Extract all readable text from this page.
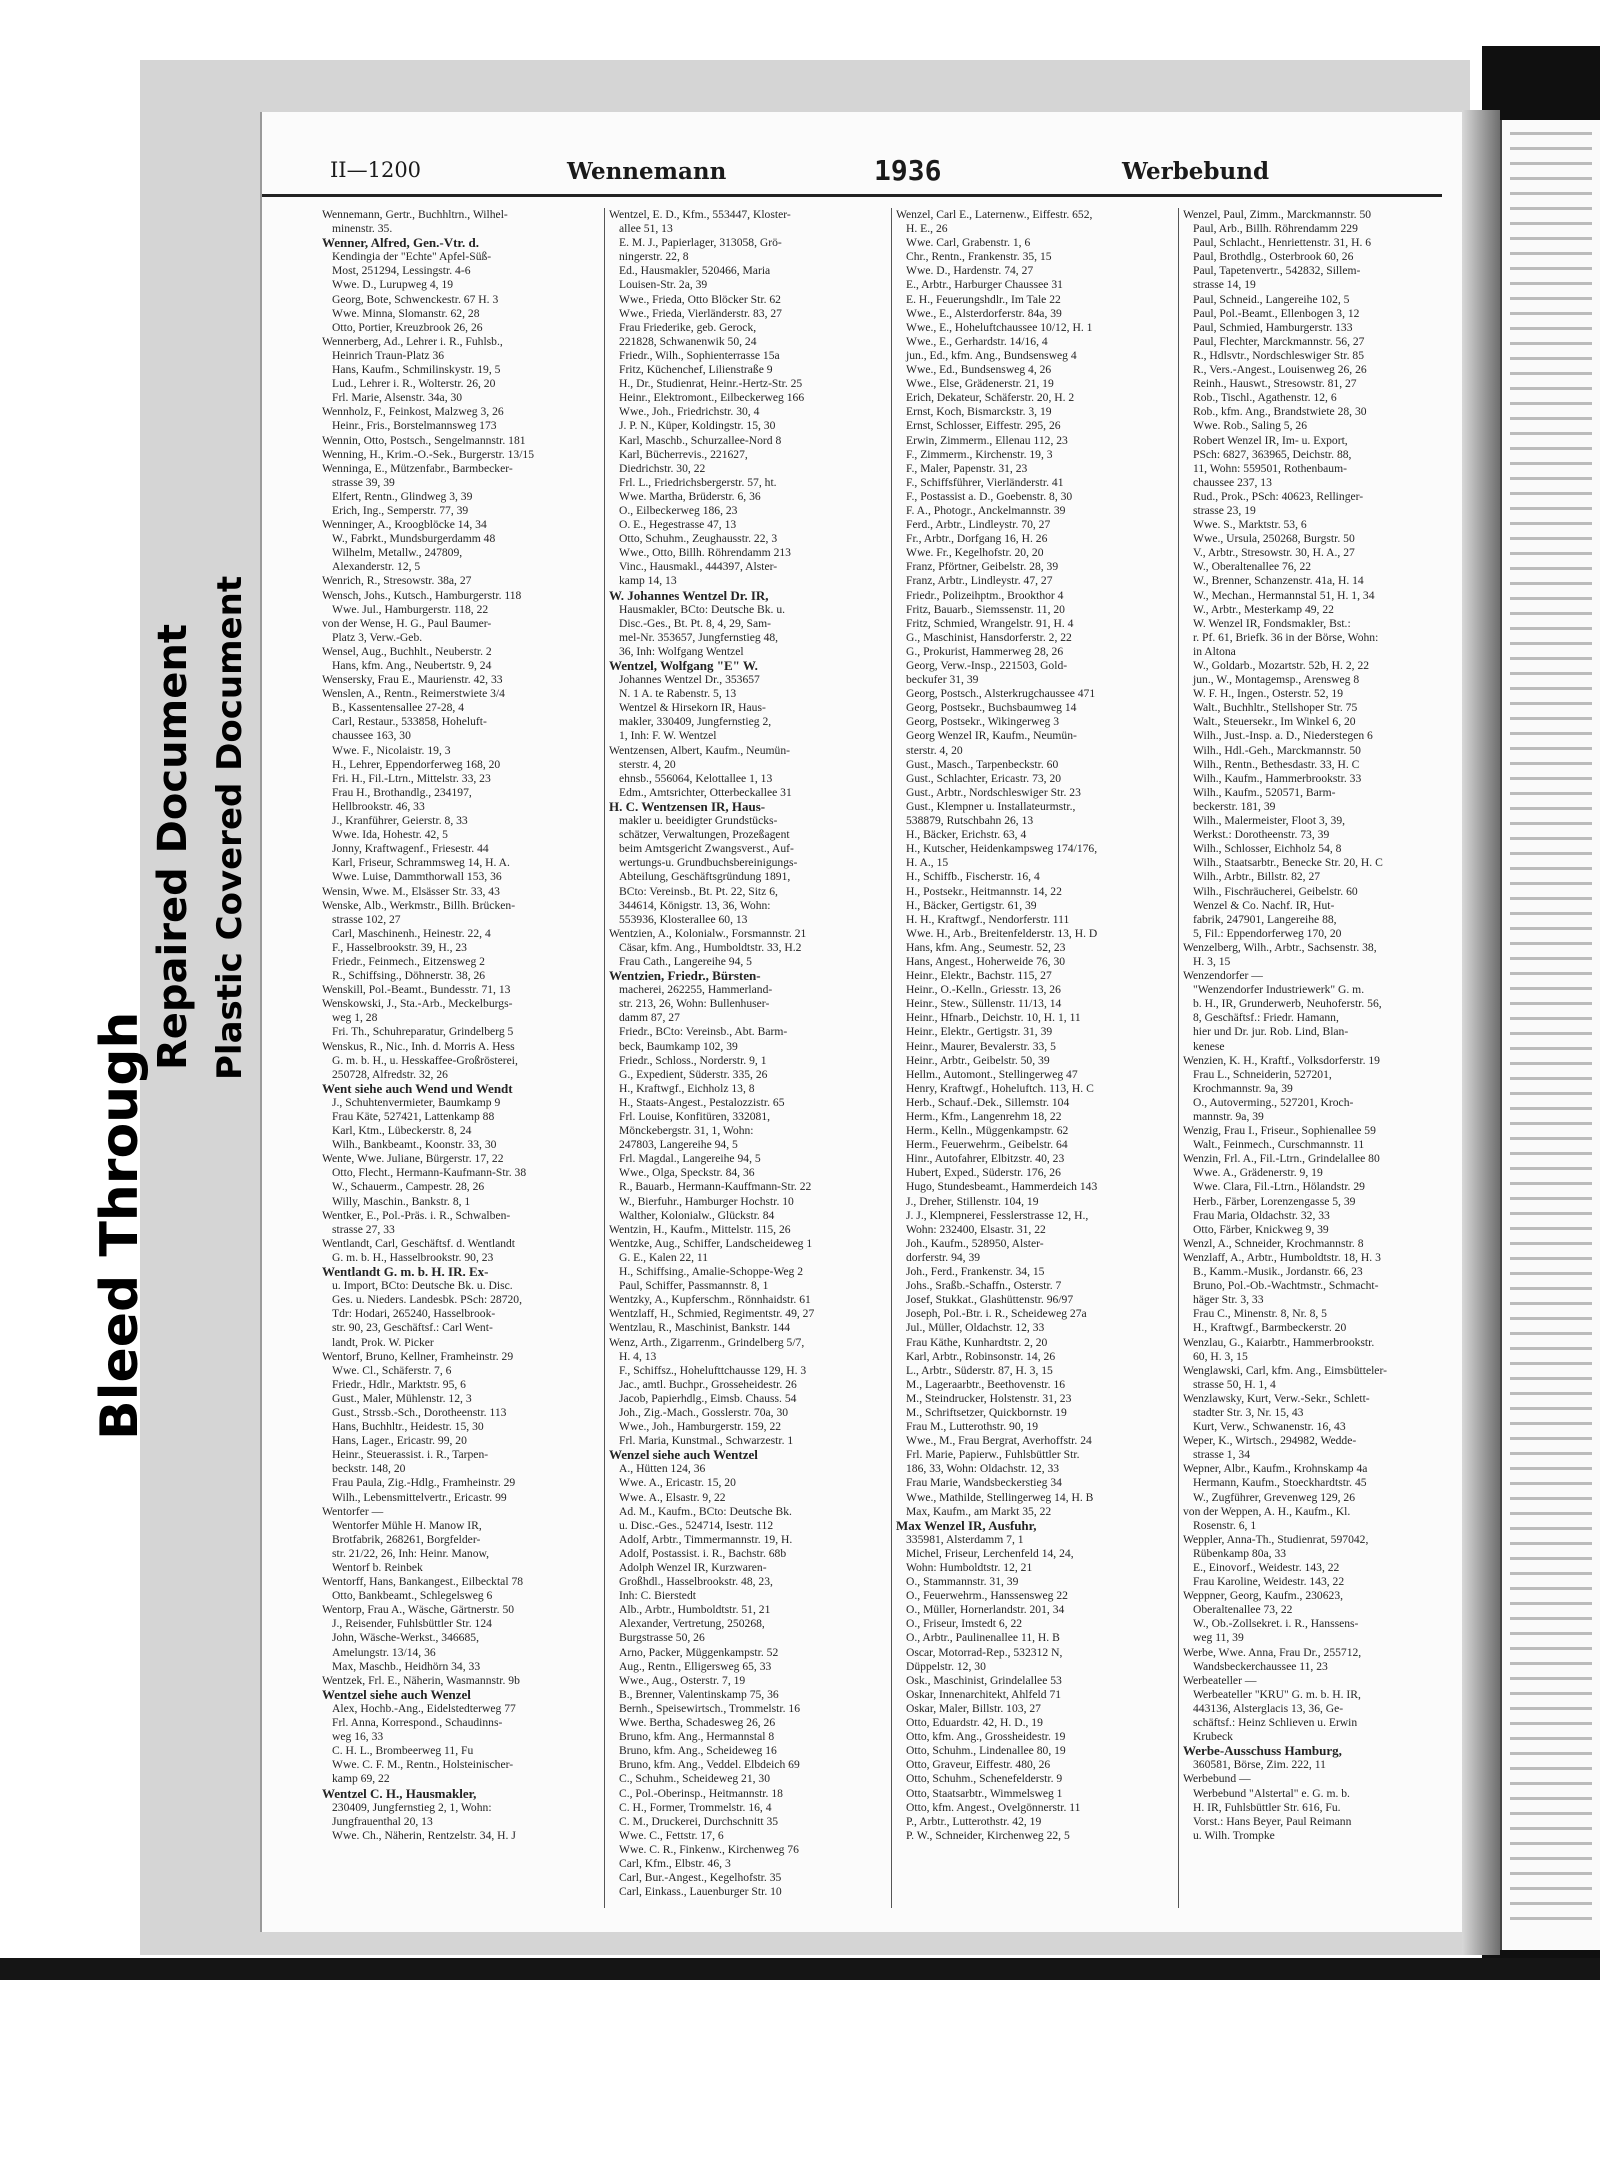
Bleed Through
Repaired Document Plastic Covered Document
II—1200	Wennemann	1936	Werbebund
Wennemann, Gertr., Buchhltrn., Wilhel-
minenstr. 35.
Wenner, Alfred, Gen.-Vtr. d.
Kendingia der "Echte" Apfel-Süß-
Most, 251294, Lessingstr. 4-6
Wwe. D., Lurupweg 4, 19
Georg, Bote, Schwenckestr. 67 H. 3
Wwe. Minna, Slomanstr. 62, 28
Otto, Portier, Kreuzbrook 26, 26
Wennerberg, Ad., Lehrer i. R., Fuhlsb.,
Heinrich Traun-Platz 36
Hans, Kaufm., Schmilinskystr. 19, 5
Lud., Lehrer i. R., Wolterstr. 26, 20
Frl. Marie, Alsenstr. 34a, 30
Wennholz, F., Feinkost, Malzweg 3, 26
Heinr., Fris., Borstelmannsweg 173
Wennin, Otto, Postsch., Sengelmannstr. 181
Wenning, H., Krim.-O.-Sek., Burgerstr. 13/15
Wenninga, E., Mützenfabr., Barmbecker-
strasse 39, 39
Elfert, Rentn., Glindweg 3, 39
Erich, Ing., Semperstr. 77, 39
Wenninger, A., Kroogblöcke 14, 34
W., Fabrkt., Mundsburgerdamm 48
Wilhelm, Metallw., 247809,
Alexanderstr. 12, 5
Wenrich, R., Stresowstr. 38a, 27
Wensch, Johs., Kutsch., Hamburgerstr. 118
Wwe. Jul., Hamburgerstr. 118, 22
von der Wense, H. G., Paul Baumer-
Platz 3, Verw.-Geb.
Wensel, Aug., Buchhlt., Neuberstr. 2
Hans, kfm. Ang., Neubertstr. 9, 24
Wensersky, Frau E., Maurienstr. 42, 33
Wenslen, A., Rentn., Reimerstwiete 3/4
B., Kassentensallee 27-28, 4
Carl, Restaur., 533858, Hoheluft-
chaussee 163, 30
Wwe. F., Nicolaistr. 19, 3
H., Lehrer, Eppendorferweg 168, 20
Fri. H., Fil.-Ltrn., Mittelstr. 33, 23
Frau H., Brothandlg., 234197,
Hellbrookstr. 46, 33
J., Kranführer, Geierstr. 8, 33
Wwe. Ida, Hohestr. 42, 5
Jonny, Kraftwagenf., Friesestr. 44
Karl, Friseur, Schrammsweg 14, H. A.
Wwe. Luise, Dammthorwall 153, 36
Wensin, Wwe. M., Elsässer Str. 33, 43
Wenske, Alb., Werkmstr., Billh. Brücken-
strasse 102, 27
Carl, Maschinenh., Heinestr. 22, 4
F., Hasselbrookstr. 39, H., 23
Friedr., Feinmech., Eitzensweg 2
R., Schiffsing., Döhnerstr. 38, 26
Wenskill, Pol.-Beamt., Bundesstr. 71, 13
Wenskowski, J., Sta.-Arb., Meckelburgs-
weg 1, 28
Fri. Th., Schuhreparatur, Grindelberg 5
Wenskus, R., Nic., Inh. d. Morris A. Hess
G. m. b. H., u. Hesskaffee-Großrösterei,
250728, Alfredstr. 32, 26
Went siehe auch Wend und Wendt
J., Schuhtenvermieter, Baumkamp 9
Frau Käte, 527421, Lattenkamp 88
Karl, Ktm., Lübeckerstr. 8, 24
Wilh., Bankbeamt., Koonstr. 33, 30
Wente, Wwe. Juliane, Bürgerstr. 17, 22
Otto, Flecht., Hermann-Kaufmann-Str. 38
W., Schauerm., Campestr. 28, 26
Willy, Maschin., Bankstr. 8, 1
Wentker, E., Pol.-Präs. i. R., Schwalben-
strasse 27, 33
Wentlandt, Carl, Geschäftsf. d. Wentlandt
G. m. b. H., Hasselbrookstr. 90, 23
Wentlandt G. m. b. H. IR. Ex-
u. Import, BCto: Deutsche Bk. u. Disc.
Ges. u. Nieders. Landesbk. PSch: 28720,
Tdr: Hodari, 265240, Hasselbrook-
str. 90, 23, Geschäftsf.: Carl Went-
landt, Prok. W. Picker
Wentorf, Bruno, Kellner, Framheinstr. 29
Wwe. Cl., Schäferstr. 7, 6
Friedr., Hdlr., Marktstr. 95, 6
Gust., Maler, Mühlenstr. 12, 3
Gust., Strssb.-Sch., Dorotheenstr. 113
Hans, Buchhltr., Heidestr. 15, 30
Hans, Lager., Ericastr. 99, 20
Heinr., Steuerassist. i. R., Tarpen-
beckstr. 148, 20
Frau Paula, Zig.-Hdlg., Framheinstr. 29
Wilh., Lebensmittelvertr., Ericastr. 99
Wentorfer —
Wentorfer Mühle H. Manow IR,
Brotfabrik, 268261, Borgfelder-
str. 21/22, 26, Inh: Heinr. Manow,
Wentorf b. Reinbek
Wentorff, Hans, Bankangest., Eilbecktal 78
Otto, Bankbeamt., Schlegelsweg 6
Wentorp, Frau A., Wäsche, Gärtnerstr. 50
J., Reisender, Fuhlsbüttler Str. 124
John, Wäsche-Werkst., 346685,
Amelungstr. 13/14, 36
Max, Maschb., Heidhörn 34, 33
Wentzek, Frl. E., Näherin, Wasmannstr. 9b
Wentzel siehe auch Wenzel
Alex, Hochb.-Ang., Eidelstedterweg 77
Frl. Anna, Korrespond., Schaudinns-
weg 16, 33
C. H. L., Brombeerweg 11, Fu
Wwe. C. F. M., Rentn., Holsteinischer-
kamp 69, 22
Wentzel C. H., Hausmakler,
230409, Jungfernstieg 2, 1, Wohn:
Jungfrauenthal 20, 13
Wwe. Ch., Näherin, Rentzelstr. 34, H. J
Wentzel, E. D., Kfm., 553447, Kloster-
allee 51, 13
E. M. J., Papierlager, 313058, Grö-
ningerstr. 22, 8
Ed., Hausmakler, 520466, Maria
Louisen-Str. 2a, 39
Wwe., Frieda, Otto Blöcker Str. 62
Wwe., Frieda, Vierländerstr. 83, 27
Frau Friederike, geb. Gerock,
221828, Schwanenwik 50, 24
Friedr., Wilh., Sophienterrasse 15a
Fritz, Küchenchef, Lilienstraße 9
H., Dr., Studienrat, Heinr.-Hertz-Str. 25
Heinr., Elektromont., Eilbeckerweg 166
Wwe., Joh., Friedrichstr. 30, 4
J. P. N., Küper, Koldingstr. 15, 30
Karl, Maschb., Schurzallee-Nord 8
Karl, Bücherrevis., 221627,
Diedrichstr. 30, 22
Frl. L., Friedrichsbergerstr. 57, ht.
Wwe. Martha, Brüderstr. 6, 36
O., Eilbeckerweg 186, 23
O. E., Hegestrasse 47, 13
Otto, Schuhm., Zeughausstr. 22, 3
Wwe., Otto, Billh. Röhrendamm 213
Vinc., Hausmakl., 444397, Alster-
kamp 14, 13
W. Johannes Wentzel Dr. IR,
Hausmakler, BCto: Deutsche Bk. u.
Disc.-Ges., Bt. Pt. 8, 4, 29, Sam-
mel-Nr. 353657, Jungfernstieg 48,
36, Inh: Wolfgang Wentzel
Wentzel, Wolfgang "E" W.
Johannes Wentzel Dr., 353657
N. 1 A. te Rabenstr. 5, 13
Wentzel & Hirsekorn IR, Haus-
makler, 330409, Jungfernstieg 2,
1, Inh: F. W. Wentzel
Wentzensen, Albert, Kaufm., Neumün-
sterstr. 4, 20
ehnsb., 556064, Kelottallee 1, 13
Edm., Amtsrichter, Otterbeckallee 31
H. C. Wentzensen IR, Haus-
makler u. beeidigter Grundstücks-
schätzer, Verwaltungen, Prozeßagent
beim Amtsgericht Zwangsverst., Auf-
wertungs-u. Grundbuchsbereinigungs-
Abteilung, Geschäftsgründung 1891,
BCto: Vereinsb., Bt. Pt. 22, Sitz 6,
344614, Königstr. 13, 36, Wohn:
553936, Klosterallee 60, 13
Wentzien, A., Kolonialw., Forsmannstr. 21
Cäsar, kfm. Ang., Humboldtstr. 33, H.2
Frau Cath., Langereihe 94, 5
Wentzien, Friedr., Bürsten-
macherei, 262255, Hammerland-
str. 213, 26, Wohn: Bullenhuser-
damm 87, 27
Friedr., BCto: Vereinsb., Abt. Barm-
beck, Baumkamp 102, 39
Friedr., Schloss., Norderstr. 9, 1
G., Expedient, Süderstr. 335, 26
H., Kraftwgf., Eichholz 13, 8
H., Staats-Angest., Pestalozzistr. 65
Frl. Louise, Konfitüren, 332081,
Mönckebergstr. 31, 1, Wohn:
247803, Langereihe 94, 5
Frl. Magdal., Langereihe 94, 5
Wwe., Olga, Speckstr. 84, 36
R., Bauarb., Hermann-Kauffmann-Str. 22
W., Bierfuhr., Hamburger Hochstr. 10
Walther, Kolonialw., Glückstr. 84
Wentzin, H., Kaufm., Mittelstr. 115, 26
Wentzke, Aug., Schiffer, Landscheideweg 1
G. E., Kalen 22, 11
H., Schiffsing., Amalie-Schoppe-Weg 2
Paul, Schiffer, Passmannstr. 8, 1
Wentzky, A., Kupferschm., Rönnhaidstr. 61
Wentzlaff, H., Schmied, Regimentstr. 49, 27
Wentzlau, R., Maschinist, Bankstr. 144
Wenz, Arth., Zigarrenm., Grindelberg 5/7,
H. 4, 13
F., Schiffsz., Hohelufttchausse 129, H. 3
Jac., amtl. Buchpr., Grosseheidestr. 26
Jacob, Papierhdlg., Eimsb. Chauss. 54
Joh., Zig.-Mach., Gosslerstr. 70a, 30
Wwe., Joh., Hamburgerstr. 159, 22
Frl. Maria, Kunstmal., Schwarzestr. 1
Wenzel siehe auch Wentzel
A., Hütten 124, 36
Wwe. A., Ericastr. 15, 20
Wwe. A., Elsastr. 9, 22
Ad. M., Kaufm., BCto: Deutsche Bk.
u. Disc.-Ges., 524714, Isestr. 112
Adolf, Arbtr., Timmermannstr. 19, H.
Adolf, Postassist. i. R., Bachstr. 68b
Adolph Wenzel IR, Kurzwaren-
Großhdl., Hasselbrookstr. 48, 23,
Inh: C. Bierstedt
Alb., Arbtr., Humboldtstr. 51, 21
Alexander, Vertretung, 250268,
Burgstrasse 50, 26
Arno, Packer, Müggenkampstr. 52
Aug., Rentn., Elligersweg 65, 33
Wwe., Aug., Osterstr. 7, 19
B., Brenner, Valentinskamp 75, 36
Bernh., Speisewirtsch., Trommelstr. 16
Wwe. Bertha, Schadesweg 26, 26
Bruno, kfm. Ang., Hermannstal 8
Bruno, kfm. Ang., Scheideweg 16
Bruno, kfm. Ang., Veddel. Elbdeich 69
C., Schuhm., Scheideweg 21, 30
C., Pol.-Oberinsp., Heitmannstr. 18
C. H., Former, Trommelstr. 16, 4
C. M., Druckerei, Durchschnitt 35
Wwe. C., Fettstr. 17, 6
Wwe. C. R., Finkenw., Kirchenweg 76
Carl, Kfm., Elbstr. 46, 3
Carl, Bur.-Angest., Kegelhofstr. 35
Carl, Einkass., Lauenburger Str. 10
Wenzel, Carl E., Laternenw., Eiffestr. 652,
H. E., 26
Wwe. Carl, Grabenstr. 1, 6
Chr., Rentn., Frankenstr. 35, 15
Wwe. D., Hardenstr. 74, 27
E., Arbtr., Harburger Chaussee 31
E. H., Feuerungshdlr., Im Tale 22
Wwe., E., Alsterdorferstr. 84a, 39
Wwe., E., Hoheluftchaussee 10/12, H. 1
Wwe., E., Gerhardstr. 14/16, 4
jun., Ed., kfm. Ang., Bundsensweg 4
Wwe., Ed., Bundsensweg 4, 26
Wwe., Else, Grädenerstr. 21, 19
Erich, Dekateur, Schäferstr. 20, H. 2
Ernst, Koch, Bismarckstr. 3, 19
Ernst, Schlosser, Eiffestr. 295, 26
Erwin, Zimmerm., Ellenau 112, 23
F., Zimmerm., Kirchenstr. 19, 3
F., Maler, Papenstr. 31, 23
F., Schiffsführer, Vierländerstr. 41
F., Postassist a. D., Goebenstr. 8, 30
F. A., Photogr., Anckelmannstr. 39
Ferd., Arbtr., Lindleystr. 70, 27
Fr., Arbtr., Dorfgang 16, H. 26
Wwe. Fr., Kegelhofstr. 20, 20
Franz, Pförtner, Geibelstr. 28, 39
Franz, Arbtr., Lindleystr. 47, 27
Friedr., Polizeihptm., Brookthor 4
Fritz, Bauarb., Siemssenstr. 11, 20
Fritz, Schmied, Wrangelstr. 91, H. 4
G., Maschinist, Hansdorferstr. 2, 22
G., Prokurist, Hammerweg 28, 26
Georg, Verw.-Insp., 221503, Gold-
beckufer 31, 39
Georg, Postsch., Alsterkrugchaussee 471
Georg, Postsekr., Buchsbaumweg 14
Georg, Postsekr., Wikingerweg 3
Georg Wenzel IR, Kaufm., Neumün-
sterstr. 4, 20
Gust., Masch., Tarpenbeckstr. 60
Gust., Schlachter, Ericastr. 73, 20
Gust., Arbtr., Nordschleswiger Str. 23
Gust., Klempner u. Installateurmstr.,
538879, Rutschbahn 26, 13
H., Bäcker, Erichstr. 63, 4
H., Kutscher, Heidenkampsweg 174/176,
H. A., 15
H., Schiffb., Fischerstr. 16, 4
H., Postsekr., Heitmannstr. 14, 22
H., Bäcker, Gertigstr. 61, 39
H. H., Kraftwgf., Nendorferstr. 111
Wwe. H., Arb., Breitenfelderstr. 13, H. D
Hans, kfm. Ang., Seumestr. 52, 23
Hans, Angest., Hoherweide 76, 30
Heinr., Elektr., Bachstr. 115, 27
Heinr., O.-Kelln., Griesstr. 13, 26
Heinr., Stew., Süllenstr. 11/13, 14
Heinr., Hfnarb., Deichstr. 10, H. 1, 11
Heinr., Elektr., Gertigstr. 31, 39
Heinr., Maurer, Bevalerstr. 33, 5
Heinr., Arbtr., Geibelstr. 50, 39
Hellm., Automont., Stellingerweg 47
Henry, Kraftwgf., Hoheluftch. 113, H. C
Herb., Schauf.-Dek., Sillemstr. 104
Herm., Kfm., Langenrehm 18, 22
Herm., Kelln., Müggenkampstr. 62
Herm., Feuerwehrm., Geibelstr. 64
Hinr., Autofahrer, Elbitzstr. 40, 23
Hubert, Exped., Süderstr. 176, 26
Hugo, Stundesbeamt., Hammerdeich 143
J., Dreher, Stillenstr. 104, 19
J. J., Klempnerei, Fesslerstrasse 12, H.,
Wohn: 232400, Elsastr. 31, 22
Joh., Kaufm., 528950, Alster-
dorferstr. 94, 39
Joh., Ferd., Frankenstr. 34, 15
Johs., Sraßb.-Schaffn., Osterstr. 7
Josef, Stukkat., Glashüttenstr. 96/97
Joseph, Pol.-Btr. i. R., Scheideweg 27a
Jul., Müller, Oldachstr. 12, 33
Frau Käthe, Kunhardtstr. 2, 20
Karl, Arbtr., Robinsonstr. 14, 26
L., Arbtr., Süderstr. 87, H. 3, 15
M., Lageraarbtr., Beethovenstr. 16
M., Steindrucker, Holstenstr. 31, 23
M., Schriftsetzer, Quickbornstr. 19
Frau M., Lutterothstr. 90, 19
Wwe., M., Frau Bergrat, Averhoffstr. 24
Frl. Marie, Papierw., Fuhlsbüttler Str.
186, 33, Wohn: Oldachstr. 12, 33
Frau Marie, Wandsbeckerstieg 34
Wwe., Mathilde, Stellingerweg 14, H. B
Max, Kaufm., am Markt 35, 22
Max Wenzel IR, Ausfuhr,
335981, Alsterdamm 7, 1
Michel, Friseur, Lerchenfeld 14, 24,
Wohn: Humboldtstr. 12, 21
O., Stammannstr. 31, 39
O., Feuerwehrm., Hanssensweg 22
O., Müller, Hornerlandstr. 201, 34
O., Friseur, Imstedt 6, 22
O., Arbtr., Paulinenallee 11, H. B
Oscar, Motorrad-Rep., 532312 N,
Düppelstr. 12, 30
Osk., Maschinist, Grindelallee 53
Oskar, Innenarchitekt, Ahlfeld 71
Oskar, Maler, Billstr. 103, 27
Otto, Eduardstr. 42, H. D., 19
Otto, kfm. Ang., Grossheidestr. 19
Otto, Schuhm., Lindenallee 80, 19
Otto, Graveur, Eiffestr. 480, 26
Otto, Schuhm., Schenefelderstr. 9
Otto, Staatsarbtr., Wimmelsweg 1
Otto, kfm. Angest., Ovelgönnerstr. 11
P., Arbtr., Lutterothstr. 42, 19
P. W., Schneider, Kirchenweg 22, 5
Wenzel, Paul, Zimm., Marckmannstr. 50
Paul, Arb., Billh. Röhrendamm 229
Paul, Schlacht., Henriettenstr. 31, H. 6
Paul, Brothdlg., Osterbrook 60, 26
Paul, Tapetenvertr., 542832, Sillem-
strasse 14, 19
Paul, Schneid., Langereihe 102, 5
Paul, Pol.-Beamt., Ellenbogen 3, 12
Paul, Schmied, Hamburgerstr. 133
Paul, Flechter, Marckmannstr. 56, 27
R., Hdlsvtr., Nordschleswiger Str. 85
R., Vers.-Angest., Louisenweg 26, 26
Reinh., Hauswt., Stresowstr. 81, 27
Rob., Tischl., Agathenstr. 12, 6
Rob., kfm. Ang., Brandstwiete 28, 30
Wwe. Rob., Saling 5, 26
Robert Wenzel IR, Im- u. Export,
PSch: 6827, 363965, Deichstr. 88,
11, Wohn: 559501, Rothenbaum-
chaussee 237, 13
Rud., Prok., PSch: 40623, Rellinger-
strasse 23, 19
Wwe. S., Marktstr. 53, 6
Wwe., Ursula, 250268, Burgstr. 50
V., Arbtr., Stresowstr. 30, H. A., 27
W., Oberaltenallee 76, 22
W., Brenner, Schanzenstr. 41a, H. 14
W., Mechan., Hermannstal 51, H. 1, 34
W., Arbtr., Mesterkamp 49, 22
W. Wenzel IR, Fondsmakler, Bst.:
r. Pf. 61, Briefk. 36 in der Börse, Wohn:
in Altona
W., Goldarb., Mozartstr. 52b, H. 2, 22
jun., W., Montagemsp., Arensweg 8
W. F. H., Ingen., Osterstr. 52, 19
Walt., Buchhltr., Stellshoper Str. 75
Walt., Steuersekr., Im Winkel 6, 20
Wilh., Just.-Insp. a. D., Niederstegen 6
Wilh., Hdl.-Geh., Marckmannstr. 50
Wilh., Rentn., Bethesdastr. 33, H. C
Wilh., Kaufm., Hammerbrookstr. 33
Wilh., Kaufm., 520571, Barm-
beckerstr. 181, 39
Wilh., Malermeister, Floot 3, 39,
Werkst.: Dorotheenstr. 73, 39
Wilh., Schlosser, Eichholz 54, 8
Wilh., Staatsarbtr., Benecke Str. 20, H. C
Wilh., Arbtr., Billstr. 82, 27
Wilh., Fischräucherei, Geibelstr. 60
Wenzel & Co. Nachf. IR, Hut-
fabrik, 247901, Langereihe 88,
5, Fil.: Eppendorferweg 170, 20
Wenzelberg, Wilh., Arbtr., Sachsenstr. 38,
H. 3, 15
Wenzendorfer —
"Wenzendorfer Industriewerk" G. m.
b. H., IR, Grunderwerb, Neuhoferstr. 56,
8, Geschäftsf.: Friedr. Hamann,
hier und Dr. jur. Rob. Lind, Blan-
kenese
Wenzien, K. H., Kraftf., Volksdorferstr. 19
Frau L., Schneiderin, 527201,
Krochmannstr. 9a, 39
O., Autoverming., 527201, Kroch-
mannstr. 9a, 39
Wenzig, Frau I., Friseur., Sophienallee 59
Walt., Feinmech., Curschmannstr. 11
Wenzin, Frl. A., Fil.-Ltrn., Grindelallee 80
Wwe. A., Grädenerstr. 9, 19
Wwe. Clara, Fil.-Ltrn., Hölandstr. 29
Herb., Färber, Lorenzengasse 5, 39
Frau Maria, Oldachstr. 32, 33
Otto, Färber, Knickweg 9, 39
Wenzl, A., Schneider, Krochmannstr. 8
Wenzlaff, A., Arbtr., Humboldtstr. 18, H. 3
B., Kamm.-Musik., Jordanstr. 66, 23
Bruno, Pol.-Ob.-Wachtmstr., Schmacht-
häger Str. 3, 33
Frau C., Minenstr. 8, Nr. 8, 5
H., Kraftwgf., Barmbeckerstr. 20
Wenzlau, G., Kaiarbtr., Hammerbrookstr.
60, H. 3, 15
Wenglawski, Carl, kfm. Ang., Eimsbütteler-
strasse 50, H. 1, 4
Wenzlawsky, Kurt, Verw.-Sekr., Schlett-
stadter Str. 3, Nr. 15, 43
Kurt, Verw., Schwanenstr. 16, 43
Weper, K., Wirtsch., 294982, Wedde-
strasse 1, 34
Wepner, Albr., Kaufm., Krohnskamp 4a
Hermann, Kaufm., Stoeckhardtstr. 45
W., Zugführer, Grevenweg 129, 26
von der Weppen, A. H., Kaufm., Kl.
Rosenstr. 6, 1
Weppler, Anna-Th., Studienrat, 597042,
Rübenkamp 80a, 33
E., Einovorf., Weidestr. 143, 22
Frau Karoline, Weidestr. 143, 22
Weppner, Georg, Kaufm., 230623,
Oberaltenallee 73, 22
W., Ob.-Zollsekret. i. R., Hanssens-
weg 11, 39
Werbe, Wwe. Anna, Frau Dr., 255712,
Wandsbeckerchaussee 11, 23
Werbeateller —
Werbeateller "KRU" G. m. b. H. IR,
443136, Alsterglacis 13, 36, Ge-
schäftsf.: Heinz Schlieven u. Erwin
Krubeck
Werbe-Ausschuss Hamburg,
360581, Börse, Zim. 222, 11
Werbebund —
Werbebund "Alstertal" e. G. m. b.
H. IR, Fuhlsbüttler Str. 616, Fu.
Vorst.: Hans Beyer, Paul Reimann
u. Wilh. Trompke
